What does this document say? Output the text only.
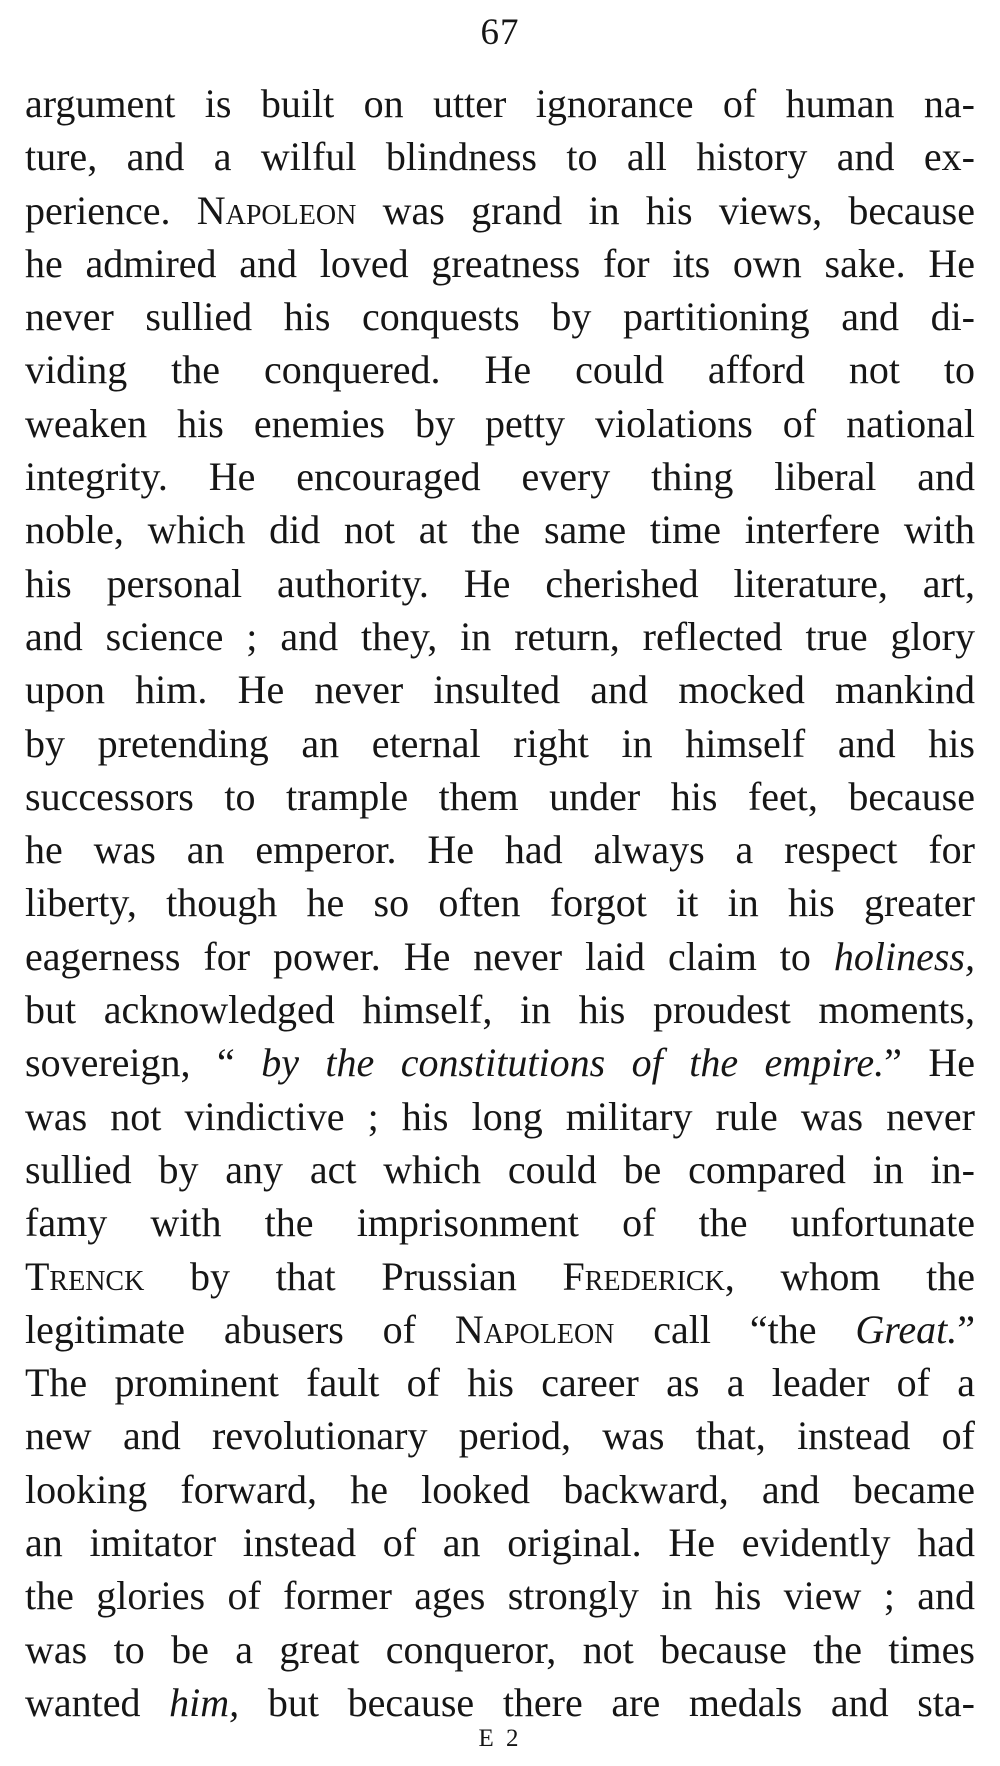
67
argument is built on utter ignorance of human na-
ture, and a wilful blindness to all history and ex-
perience. Napoleon was grand in his views, because
he admired and loved greatness for its own sake. He
never sullied his conquests by partitioning and di-
viding the conquered. He could afford not to
weaken his enemies by petty violations of national
integrity. He encouraged every thing liberal and
noble, which did not at the same time interfere with
his personal authority. He cherished literature, art,
and science ; and they, in return, reflected true glory
upon him. He never insulted and mocked mankind
by pretending an eternal right in himself and his
successors to trample them under his feet, because
he was an emperor. He had always a respect for
liberty, though he so often forgot it in his greater
eagerness for power. He never laid claim to holiness,
but acknowledged himself, in his proudest moments,
sovereign, “ by the constitutions of the empire.” He
was not vindictive ; his long military rule was never
sullied by any act which could be compared in in-
famy with the imprisonment of the unfortunate
Trenck by that Prussian Frederick, whom the
legitimate abusers of Napoleon call “the Great.”
The prominent fault of his career as a leader of a
new and revolutionary period, was that, instead of
looking forward, he looked backward, and became
an imitator instead of an original. He evidently had
the glories of former ages strongly in his view ; and
was to be a great conqueror, not because the times
wanted him, but because there are medals and sta-
E 2
